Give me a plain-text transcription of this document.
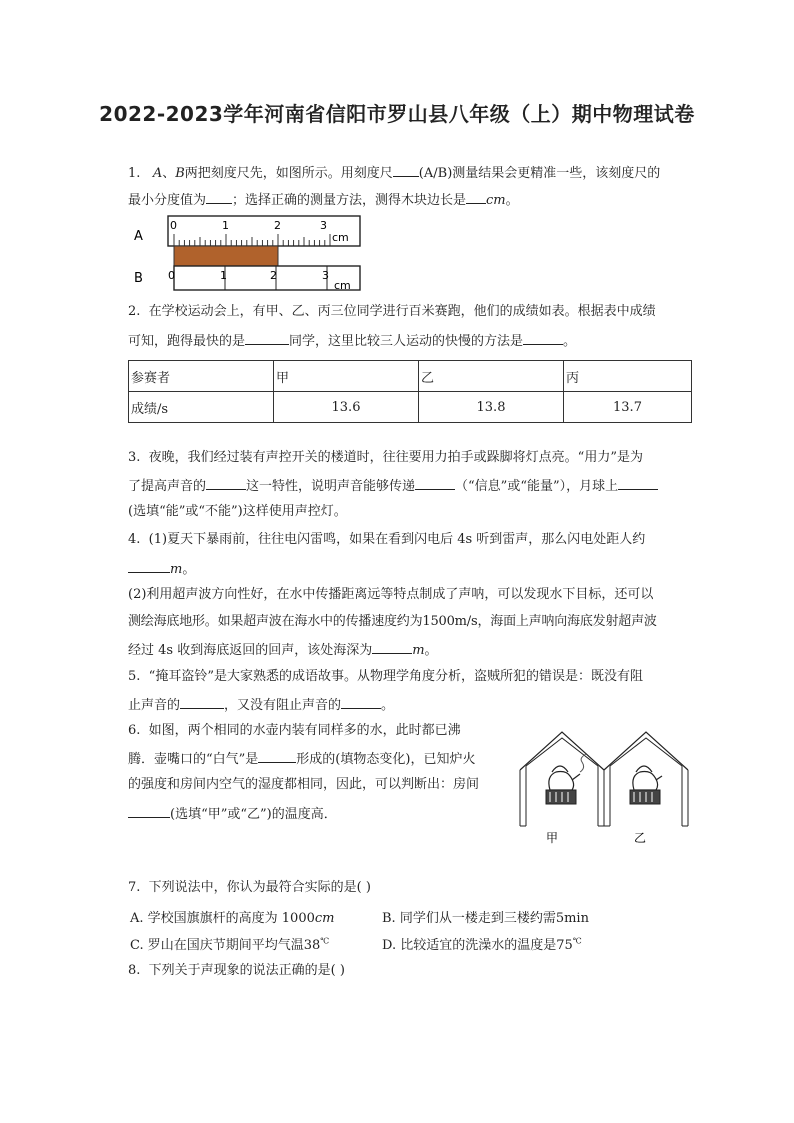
2022-2023学年河南省信阳市罗山县八年级（上）期中物理试卷
1. A、B两把刻度尺先，如图所示。用刻度尺 (A/B)测量结果会更精准一些，该刻度尺的
最小分度值为 ；选择正确的测量方法，测得木块边长是 cm。
A
B
0	1	2	3
cm
0	1	2	3
cm
2. 在学校运动会上，有甲、乙、丙三位同学进行百米赛跑，他们的成绩如表。根据表中成绩
可知，跑得最快的是	同学，这里比较三人运动的快慢的方法是	。
参赛者	甲	乙	丙
成绩/s	13.6	13.8	13.7
3. 夜晚，我们经过装有声控开关的楼道时，往往要用力拍手或跺脚将灯点亮。“用力”是为
了提高声音的	这一特性，说明声音能够传递	（“信息”或“能量”），月球上
(选填“能”或“不能”)这样使用声控灯。
4. (1)夏天下暴雨前，往往电闪雷鸣，如果在看到闪电后 4s 听到雷声，那么闪电处距人约
m。
(2)利用超声波方向性好，在水中传播距离远等特点制成了声呐，可以发现水下目标，还可以
测绘海底地形。如果超声波在海水中的传播速度约为1500m/s，海面上声呐向海底发射超声波
经过 4s 收到海底返回的回声，该处海深为	m。
5. “掩耳盗铃”是大家熟悉的成语故事。从物理学角度分析，盗贼所犯的错误是：既没有阻
止声音的	，又没有阻止声音的	。
6. 如图，两个相同的水壶内装有同样多的水，此时都已沸
腾．壶嘴口的“白气”是	形成的(填物态变化)，已知炉火
的强度和房间内空气的湿度都相同，因此，可以判断出：房间
(选填“甲”或“乙”)的温度高．
甲	乙
7. 下列说法中，你认为最符合实际的是( )
A. 学校国旗旗杆的高度为 1000cm	B. 同学们从一楼走到三楼约需5min
C. 罗山在国庆节期间平均气温38℃	D. 比较适宜的洗澡水的温度是75℃
8. 下列关于声现象的说法正确的是( )
